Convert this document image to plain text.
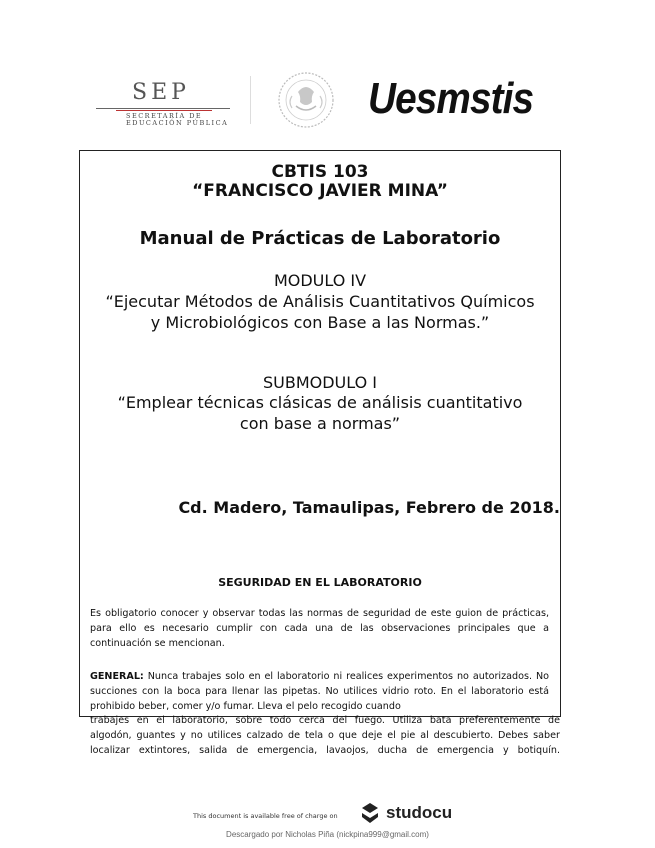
SEP
SECRETARÍA DE
EDUCACIÓN PÚBLICA	Uesmstis
CBTIS 103
“FRANCISCO JAVIER MINA”
Manual de Prácticas de Laboratorio
MODULO IV
“Ejecutar Métodos de Análisis Cuantitativos Químicos
y Microbiológicos con Base a las Normas.”
SUBMODULO I
“Emplear técnicas clásicas de análisis cuantitativo
con base a normas”
Cd. Madero, Tamaulipas, Febrero de 2018.
SEGURIDAD EN EL LABORATORIO
Es obligatorio conocer y observar todas las normas de seguridad de este guion de prácticas, para ello es necesario cumplir con cada una de las observaciones principales que a continuación se mencionan.
GENERAL: Nunca trabajes solo en el laboratorio ni realices experimentos no autorizados. No succiones con la boca para llenar las pipetas. No utilices vidrio roto. En el laboratorio está prohibido beber, comer y/o fumar. Lleva el pelo recogido cuando
trabajes en el laboratorio, sobre todo cerca del fuego. Utiliza bata preferentemente de
algodón, guantes y no utilices calzado de tela o que deje el pie al descubierto. Debes saber
localizar extintores, salida de emergencia, lavaojos, ducha de emergencia y botiquín.
This document is available free of charge on	studocu
Descargado por Nicholas Piña (nickpina999@gmail.com)
